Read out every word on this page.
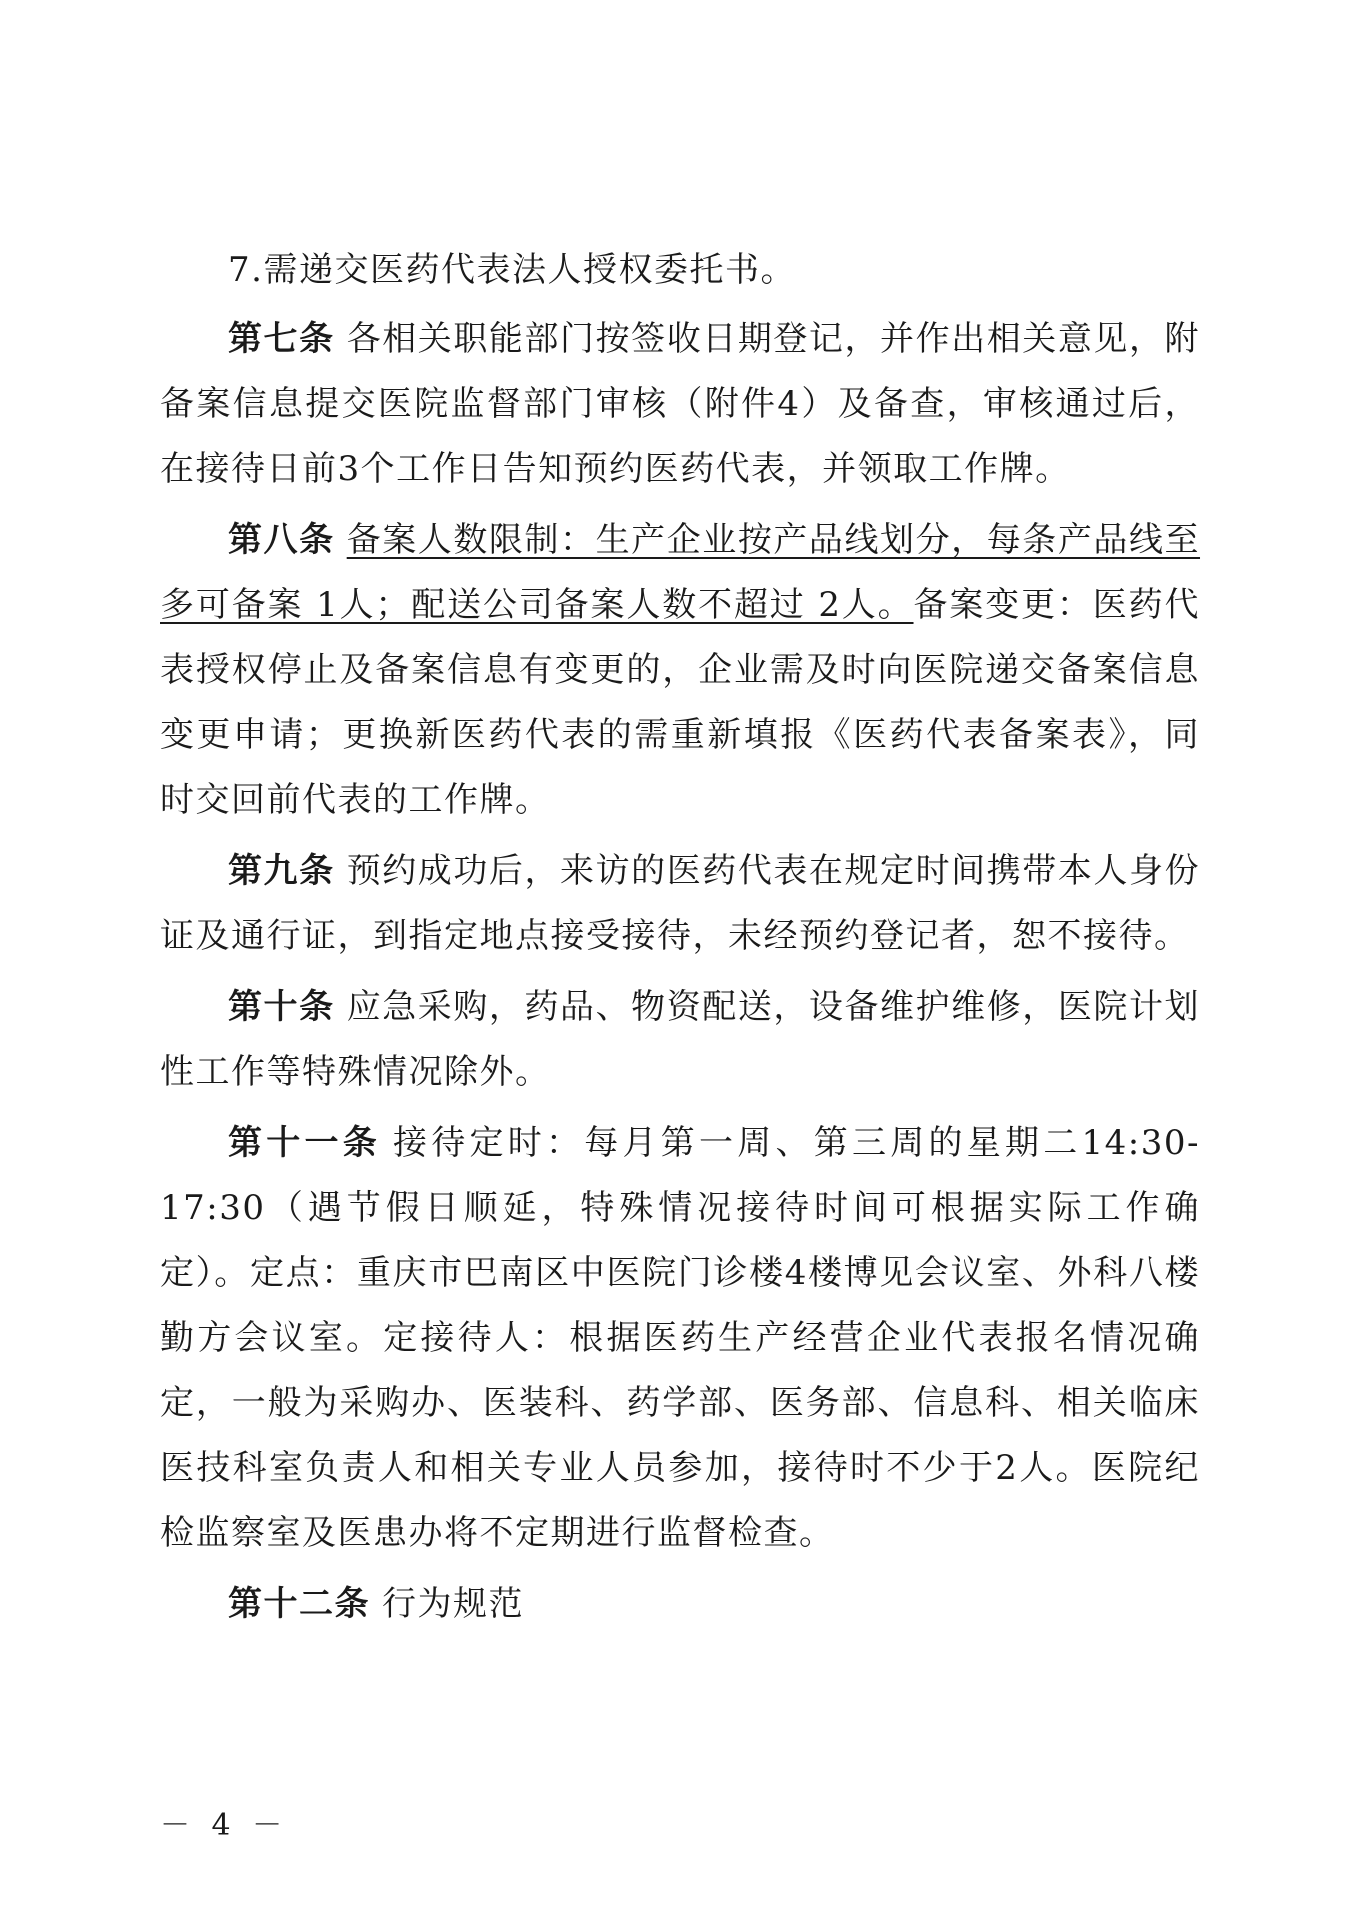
7.需递交医药代表法人授权委托书。

第七条 各相关职能部门按签收日期登记，并作出相关意见，附备案信息提交医院监督部门审核（附件4）及备查，审核通过后，在接待日前3个工作日告知预约医药代表，并领取工作牌。

第八条 备案人数限制：生产企业按产品线划分，每条产品线至多可备案 1人；配送公司备案人数不超过 2人。备案变更：医药代表授权停止及备案信息有变更的，企业需及时向医院递交备案信息变更申请；更换新医药代表的需重新填报《医药代表备案表》，同时交回前代表的工作牌。

第九条 预约成功后，来访的医药代表在规定时间携带本人身份证及通行证，到指定地点接受接待，未经预约登记者，恕不接待。

第十条 应急采购，药品、物资配送，设备维护维修，医院计划性工作等特殊情况除外。

第十一条 接待定时：每月第一周、第三周的星期二14:30-17:30（遇节假日顺延，特殊情况接待时间可根据实际工作确定）。定点：重庆市巴南区中医院门诊楼4楼博见会议室、外科八楼勤方会议室。定接待人：根据医药生产经营企业代表报名情况确定，一般为采购办、医装科、药学部、医务部、信息科、相关临床医技科室负责人和相关专业人员参加，接待时不少于2人。医院纪检监察室及医患办将不定期进行监督检查。

第十二条 行为规范

－ 4 －
